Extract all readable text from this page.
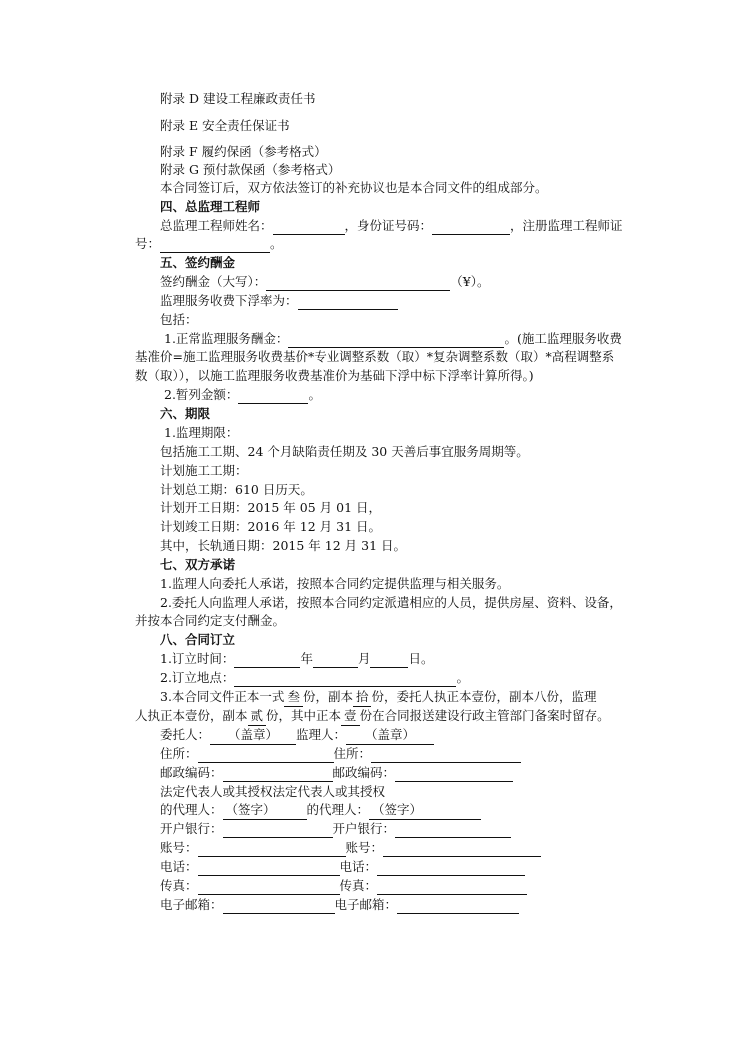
附录 D 建设工程廉政责任书
附录 E 安全责任保证书
附录 F 履约保函（参考格式）
附录 G 预付款保函（参考格式）
本合同签订后，双方依法签订的补充协议也是本合同文件的组成部分。
四、总监理工程师
总监理工程师姓名：	，身份证号码：	，注册监理工程师证
号：	。
五、签约酬金
签约酬金（大写）：	（¥）。
监理服务收费下浮率为：
包括：
1.正常监理服务酬金：	。(施工监理服务收费
基准价=施工监理服务收费基价*专业调整系数（取）*复杂调整系数（取）*高程调整系
数（取）），以施工监理服务收费基准价为基础下浮中标下浮率计算所得。)
2.暂列金额：	。
六、期限
1.监理期限：
包括施工工期、24 个月缺陷责任期及 30 天善后事宜服务周期等。
计划施工工期：
计划总工期：610 日历天。
计划开工日期：2015 年 05 月 01 日，
计划竣工日期：2016 年 12 月 31 日。
其中，长轨通日期：2015 年 12 月 31 日。
七、双方承诺
1.监理人向委托人承诺，按照本合同约定提供监理与相关服务。
2.委托人向监理人承诺，按照本合同约定派遣相应的人员，提供房屋、资料、设备，
并按本合同约定支付酬金。
八、合同订立
1.订立时间：	年	月	日。
2.订立地点：	。
3.本合同文件正本一式 叁 份，副本 拾 份，委托人执正本壹份，副本八份，监理
人执正本壹份，副本 贰 份，其中正本 壹 份在合同报送建设行政主管部门备案时留存。
委托人： （盖章） 监理人： （盖章）
住所：	住所：
邮政编码：	邮政编码：
法定代表人或其授权法定代表人或其授权
的代理人： （签字） 的代理人： （签字）
开户银行：	开户银行：
账号：	账号：
电话：	电话：
传真：	传真：
电子邮箱：	电子邮箱：
